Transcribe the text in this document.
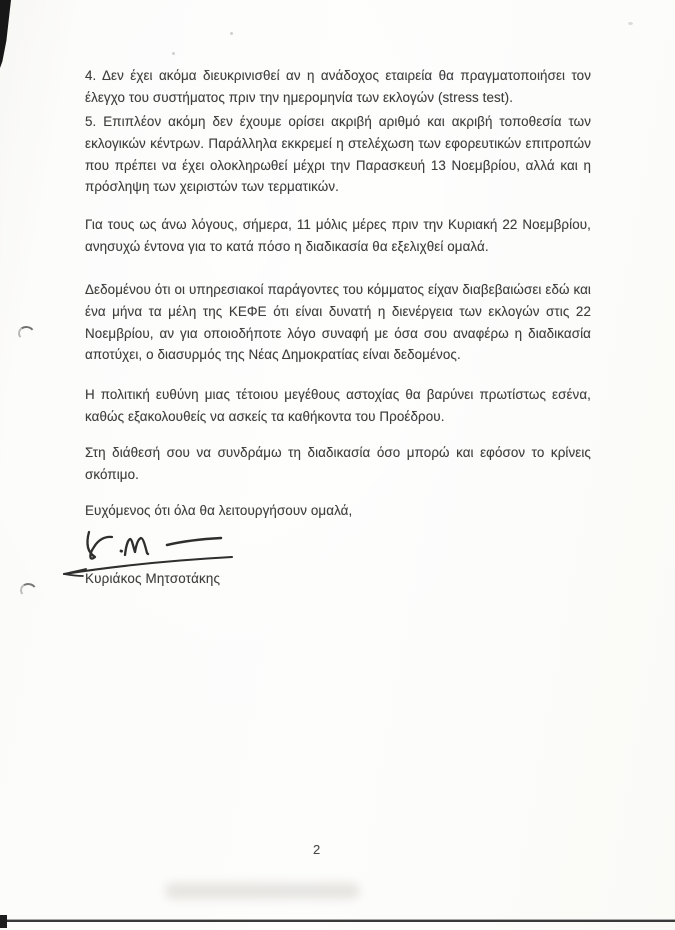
4. Δεν έχει ακόμα διευκρινισθεί αν η ανάδοχος εταιρεία θα πραγματοποιήσει τον έλεγχο του συστήματος πριν την ημερομηνία των εκλογών (stress test).

5. Επιπλέον ακόμη δεν έχουμε ορίσει ακριβή αριθμό και ακριβή τοποθεσία των εκλογικών κέντρων. Παράλληλα εκκρεμεί η στελέχωση των εφορευτικών επιτροπών που πρέπει να έχει ολοκληρωθεί μέχρι την Παρασκευή 13 Νοεμβρίου, αλλά και η πρόσληψη των χειριστών των τερματικών.

Για τους ως άνω λόγους, σήμερα, 11 μόλις μέρες πριν την Κυριακή 22 Νοεμβρίου, ανησυχώ έντονα για το κατά πόσο η διαδικασία θα εξελιχθεί ομαλά.

Δεδομένου ότι οι υπηρεσιακοί παράγοντες του κόμματος είχαν διαβεβαιώσει εδώ και ένα μήνα τα μέλη της ΚΕΦΕ ότι είναι δυνατή η διενέργεια των εκλογών στις 22 Νοεμβρίου, αν για οποιοδήποτε λόγο συναφή με όσα σου αναφέρω η διαδικασία αποτύχει, ο διασυρμός της Νέας Δημοκρατίας είναι δεδομένος.

Η πολιτική ευθύνη μιας τέτοιου μεγέθους αστοχίας θα βαρύνει πρωτίστως εσένα, καθώς εξακολουθείς να ασκείς τα καθήκοντα του Προέδρου.

Στη διάθεσή σου να συνδράμω τη διαδικασία όσο μπορώ και εφόσον το κρίνεις σκόπιμο.

Ευχόμενος ότι όλα θα λειτουργήσουν ομαλά,

Κυριάκος Μητσοτάκης
2
